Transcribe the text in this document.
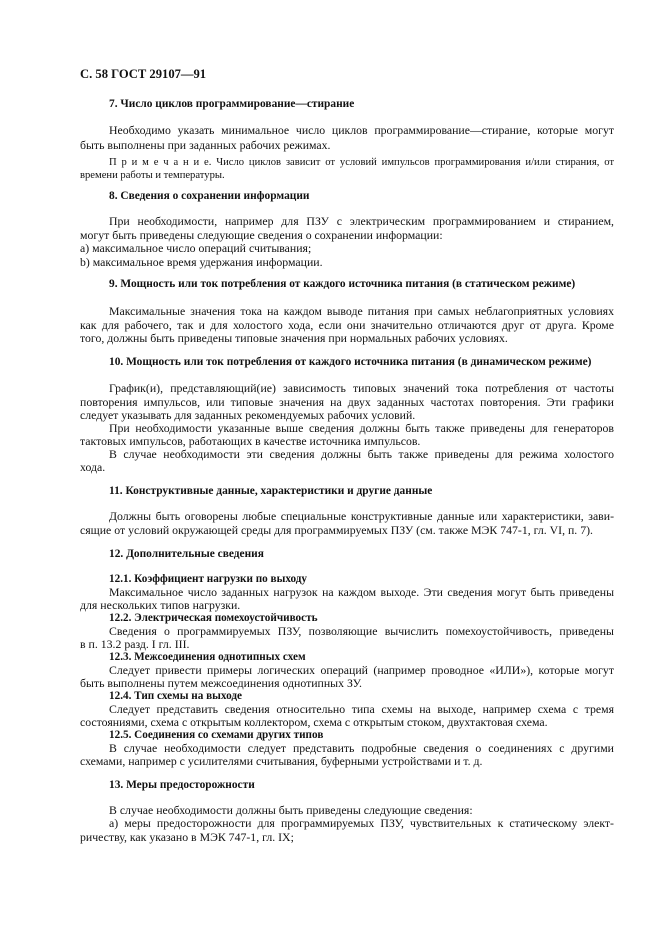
С. 58 ГОСТ 29107—91
7. Число циклов программирование—стирание
Необходимо указать минимальное число циклов программирование—стирание, которые могут
быть выполнены при заданных рабочих режимах.
П р и м е ч а н и е. Число циклов зависит от условий импульсов программирования и/или стирания, от
времени работы и температуры.
8. Сведения о сохранении информации
При необходимости, например для ПЗУ с электрическим программированием и стиранием,
могут быть приведены следующие сведения о сохранении информации:
а) максимальное число операций считывания;
b) максимальное время удержания информации.
9. Мощность или ток потребления от каждого источника питания (в статическом режиме)
Максимальные значения тока на каждом выводе питания при самых неблагоприятных условиях
как для рабочего, так и для холостого хода, если они значительно отличаются друг от друга. Кроме
того, должны быть приведены типовые значения при нормальных рабочих условиях.
10. Мощность или ток потребления от каждого источника питания (в динамическом режиме)
График(и), представляющий(ие) зависимость типовых значений тока потребления от частоты
повторения импульсов, или типовые значения на двух заданных частотах повторения. Эти графики
следует указывать для заданных рекомендуемых рабочих условий.
При необходимости указанные выше сведения должны быть также приведены для генераторов
тактовых импульсов, работающих в качестве источника импульсов.
В случае необходимости эти сведения должны быть также приведены для режима холостого
хода.
11. Конструктивные данные, характеристики и другие данные
Должны быть оговорены любые специальные конструктивные данные или характеристики, зави-
сящие от условий окружающей среды для программируемых ПЗУ (см. также МЭК 747-1, гл. VI, п. 7).
12. Дополнительные сведения
12.1. Коэффициент нагрузки по выходу
Максимальное число заданных нагрузок на каждом выходе. Эти сведения могут быть приведены
для нескольких типов нагрузки.
12.2. Электрическая помехоустойчивость
Сведения о программируемых ПЗУ, позволяющие вычислить помехоустойчивость, приведены
в п. 13.2 разд. I гл. III.
12.3. Межсоединения однотипных схем
Следует привести примеры логических операций (например проводное «ИЛИ»), которые могут
быть выполнены путем межсоединения однотипных ЗУ.
12.4. Тип схемы на выходе
Следует представить сведения относительно типа схемы на выходе, например схема с тремя
состояниями, схема с открытым коллектором, схема с открытым стоком, двухтактовая схема.
12.5. Соединения со схемами других типов
В случае необходимости следует представить подробные сведения о соединениях с другими
схемами, например с усилителями считывания, буферными устройствами и т. д.
13. Меры предосторожности
В случае необходимости должны быть приведены следующие сведения:
а) меры предосторожности для программируемых ПЗУ, чувствительных к статическому элект-
ричеству, как указано в МЭК 747-1, гл. IX;
